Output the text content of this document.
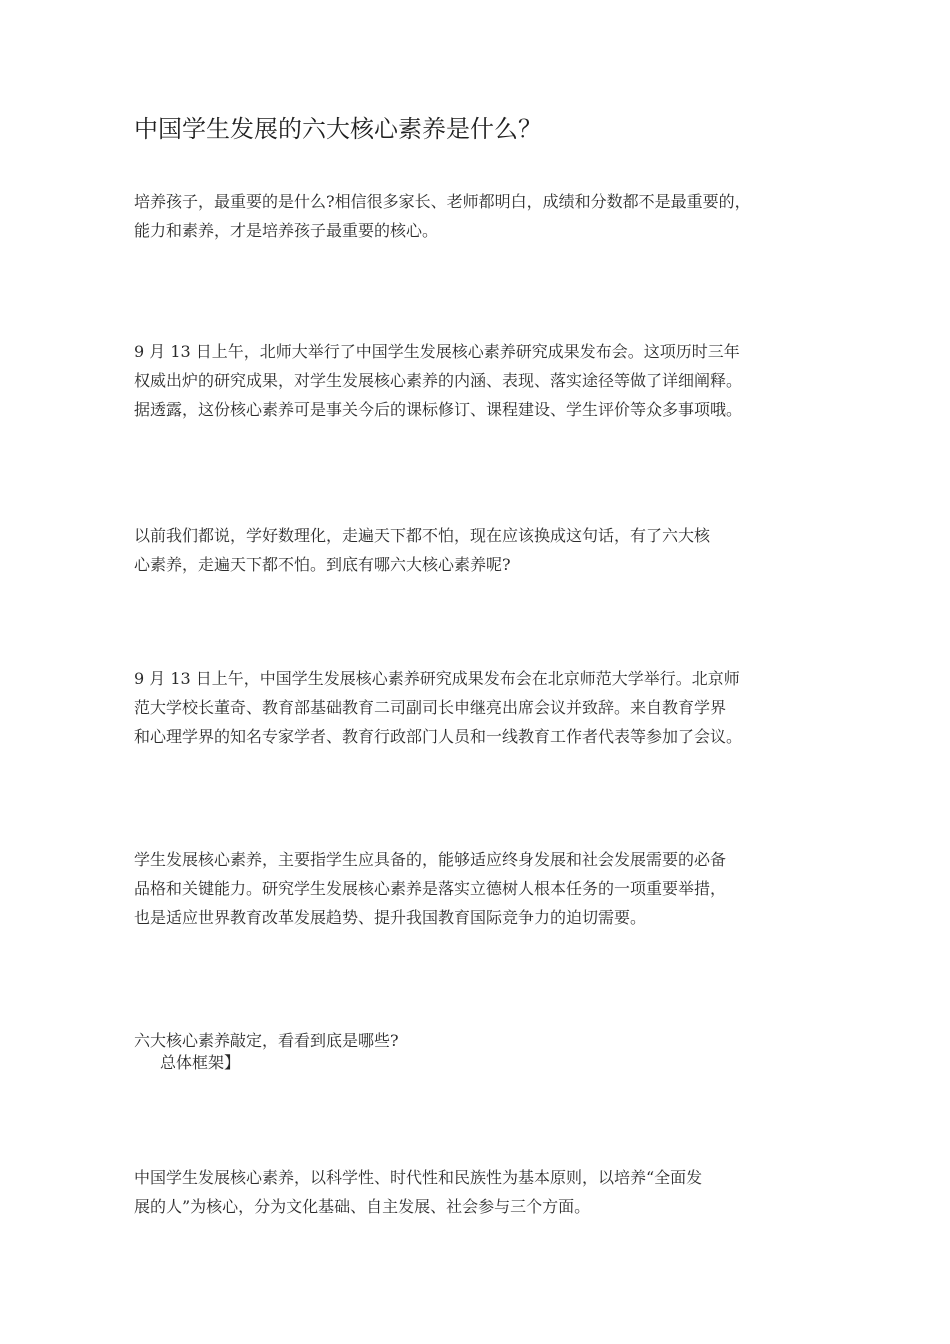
中国学生发展的六大核心素养是什么？
培养孩子，最重要的是什么?相信很多家长、老师都明白，成绩和分数都不是最重要的，
能力和素养，才是培养孩子最重要的核心。
9 月 13 日上午，北师大举行了中国学生发展核心素养研究成果发布会。这项历时三年
权威出炉的研究成果，对学生发展核心素养的内涵、表现、落实途径等做了详细阐释。
据透露，这份核心素养可是事关今后的课标修订、课程建设、学生评价等众多事项哦。
以前我们都说，学好数理化，走遍天下都不怕，现在应该换成这句话，有了六大核
心素养，走遍天下都不怕。到底有哪六大核心素养呢?
9 月 13 日上午，中国学生发展核心素养研究成果发布会在北京师范大学举行。北京师
范大学校长董奇、教育部基础教育二司副司长申继亮出席会议并致辞。来自教育学界
和心理学界的知名专家学者、教育行政部门人员和一线教育工作者代表等参加了会议。
学生发展核心素养，主要指学生应具备的，能够适应终身发展和社会发展需要的必备
品格和关键能力。研究学生发展核心素养是落实立德树人根本任务的一项重要举措，
也是适应世界教育改革发展趋势、提升我国教育国际竞争力的迫切需要。
六大核心素养敲定，看看到底是哪些?
总体框架】
中国学生发展核心素养，以科学性、时代性和民族性为基本原则，以培养“全面发
展的人”为核心，分为文化基础、自主发展、社会参与三个方面。
